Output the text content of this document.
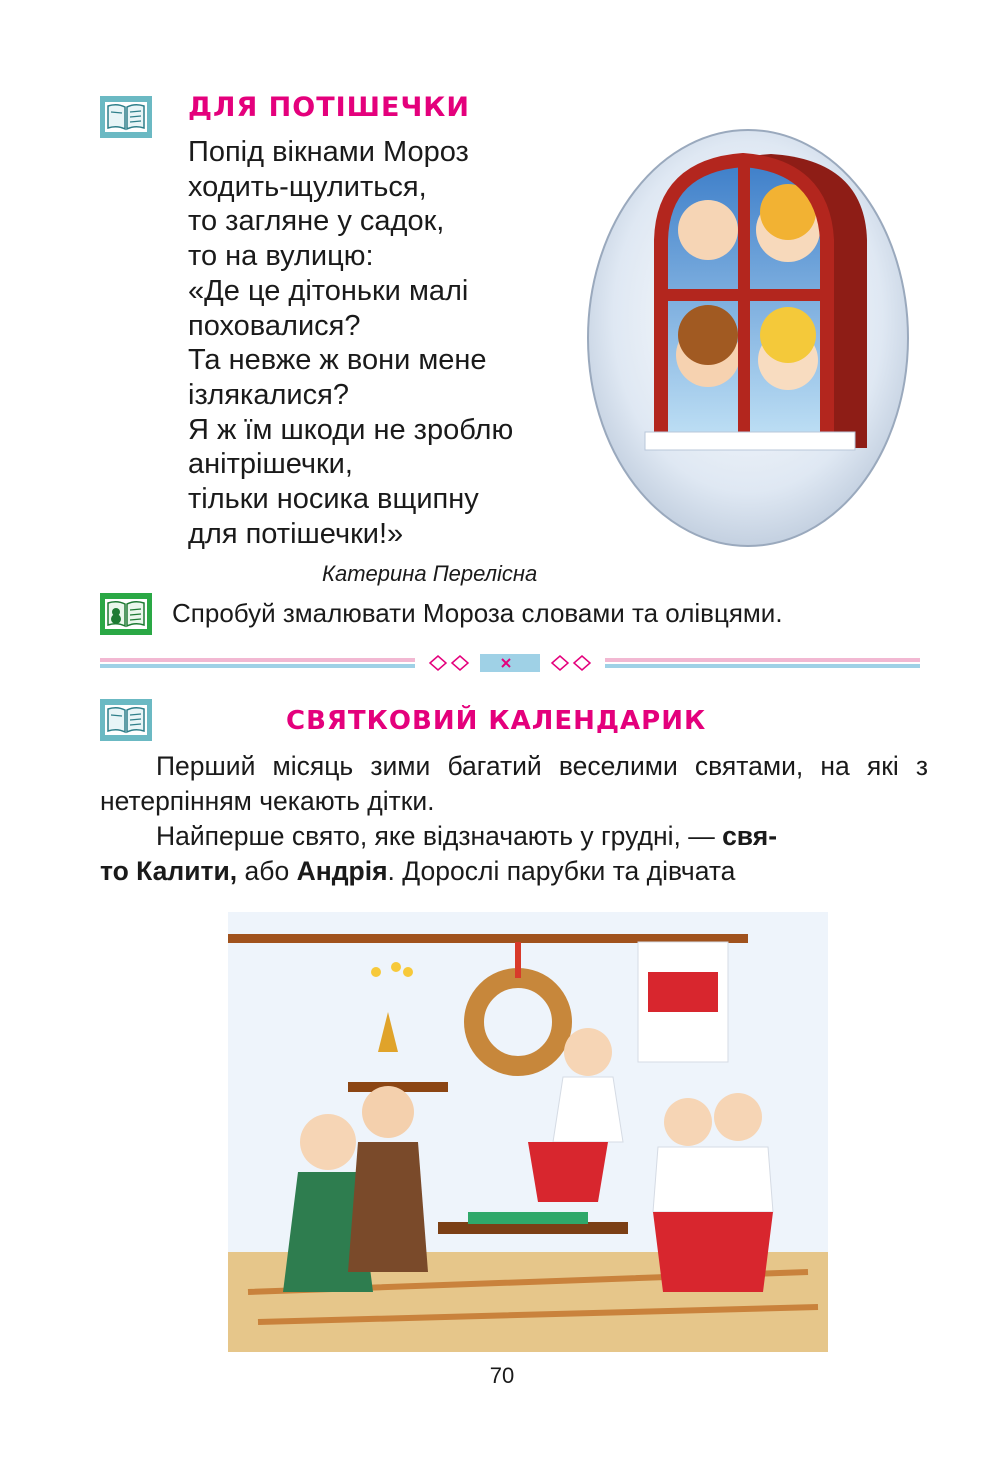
ДЛЯ ПОТІШЕЧКИ
Попід вікнами Мороз
ходить-щулиться,
то загляне у садок,
то на вулицю:
«Де це дітоньки малі
поховалися?
Та невже ж вони мене
ізлякалися?
Я ж їм шкоди не зроблю
анітрішечки,
тільки носика вщипну
для потішечки!»
Катерина Перелісна
Спробуй змалювати Мороза словами та олівцями.
СВЯТКОВИЙ КАЛЕНДАРИК

Перший місяць зими багатий веселими святами, на які з нетерпінням чекають дітки.

Найперше свято, яке відзначають у грудні, — свя-
то Калити, або Андрія. Дорослі парубки та дівчата

70
